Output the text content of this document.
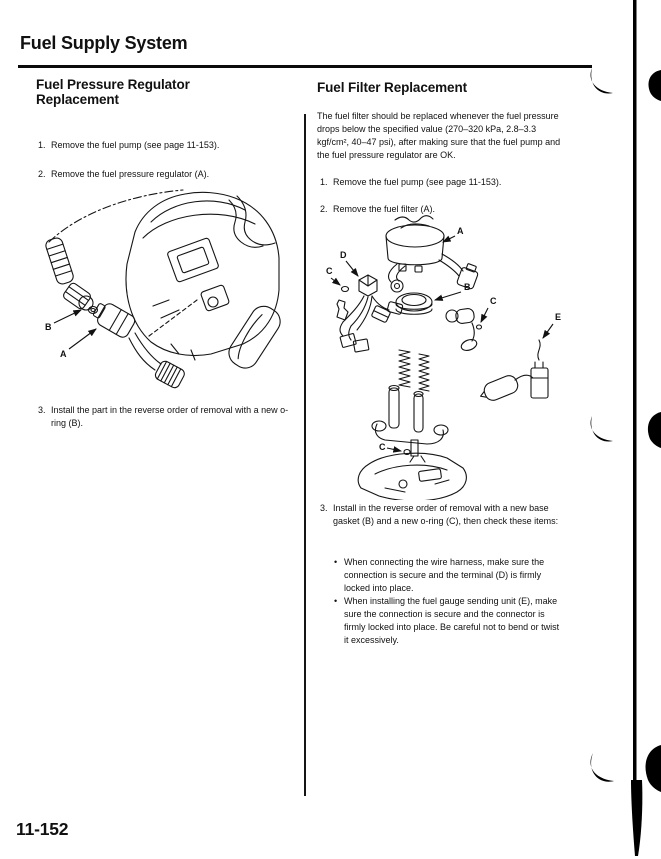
Fuel Supply System
Fuel Pressure Regulator Replacement
1. Remove the fuel pump (see page 11-153).
2. Remove the fuel pressure regulator (A).
B
A
3. Install the part in the reverse order of removal with a new o-ring (B).
Fuel Filter Replacement
The fuel filter should be replaced whenever the fuel pressure drops below the specified value (270–320 kPa, 2.8–3.3 kgf/cm², 40–47 psi), after making sure that the fuel pump and the fuel pressure regulator are OK.
1. Remove the fuel pump (see page 11-153).
2. Remove the fuel filter (A).
A
D
C
B
C
E
C
3. Install in the reverse order of removal with a new base gasket (B) and a new o-ring (C), then check these items:
• When connecting the wire harness, make sure the connection is secure and the terminal (D) is firmly locked into place.
• When installing the fuel gauge sending unit (E), make sure the connection is secure and the connector is firmly locked into place. Be careful not to bend or twist it excessively.
11-152
